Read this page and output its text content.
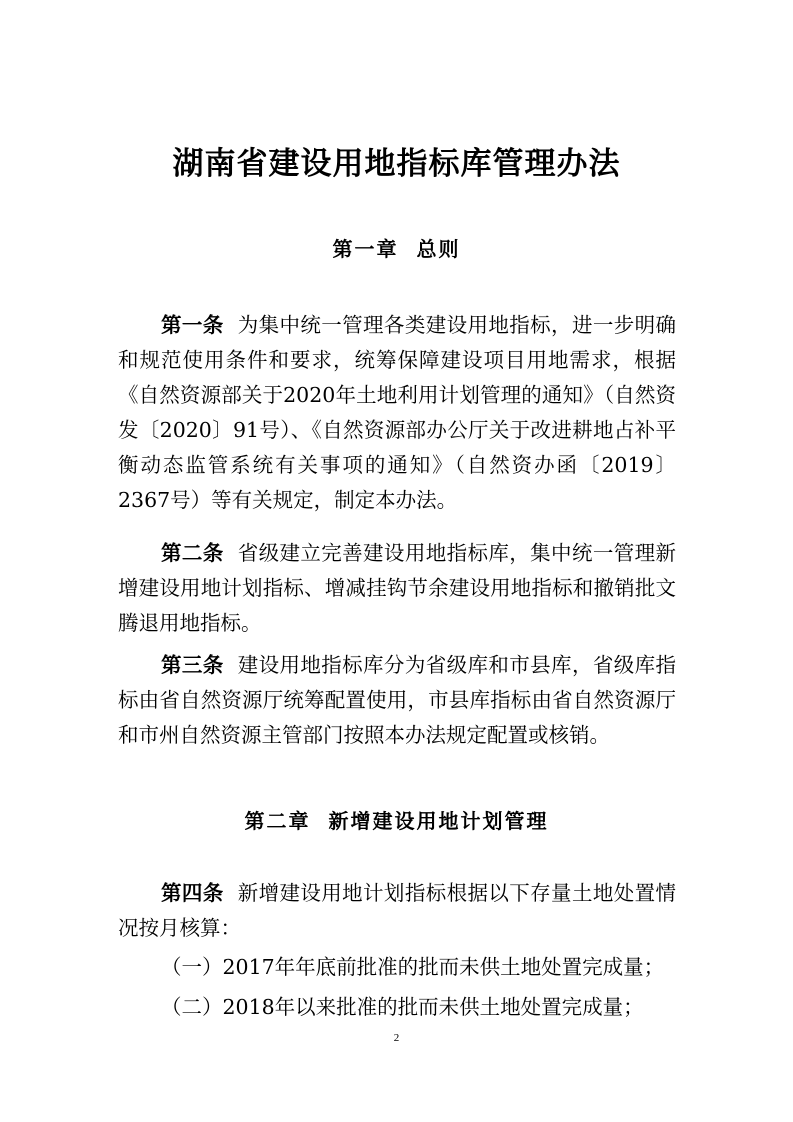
湖南省建设用地指标库管理办法
第一章 总则

第一条 为集中统一管理各类建设用地指标，进一步明确和规范使用条件和要求，统筹保障建设项目用地需求，根据《自然资源部关于2020年土地利用计划管理的通知》（自然资发〔2020〕91号）、《自然资源部办公厅关于改进耕地占补平衡动态监管系统有关事项的通知》（自然资办函〔2019〕2367号）等有关规定，制定本办法。

第二条 省级建立完善建设用地指标库，集中统一管理新增建设用地计划指标、增减挂钩节余建设用地指标和撤销批文腾退用地指标。

第三条 建设用地指标库分为省级库和市县库，省级库指标由省自然资源厅统筹配置使用，市县库指标由省自然资源厅和市州自然资源主管部门按照本办法规定配置或核销。

第二章 新增建设用地计划管理

第四条 新增建设用地计划指标根据以下存量土地处置情况按月核算：

（一）2017年年底前批准的批而未供土地处置完成量；

（二）2018年以来批准的批而未供土地处置完成量；

2
